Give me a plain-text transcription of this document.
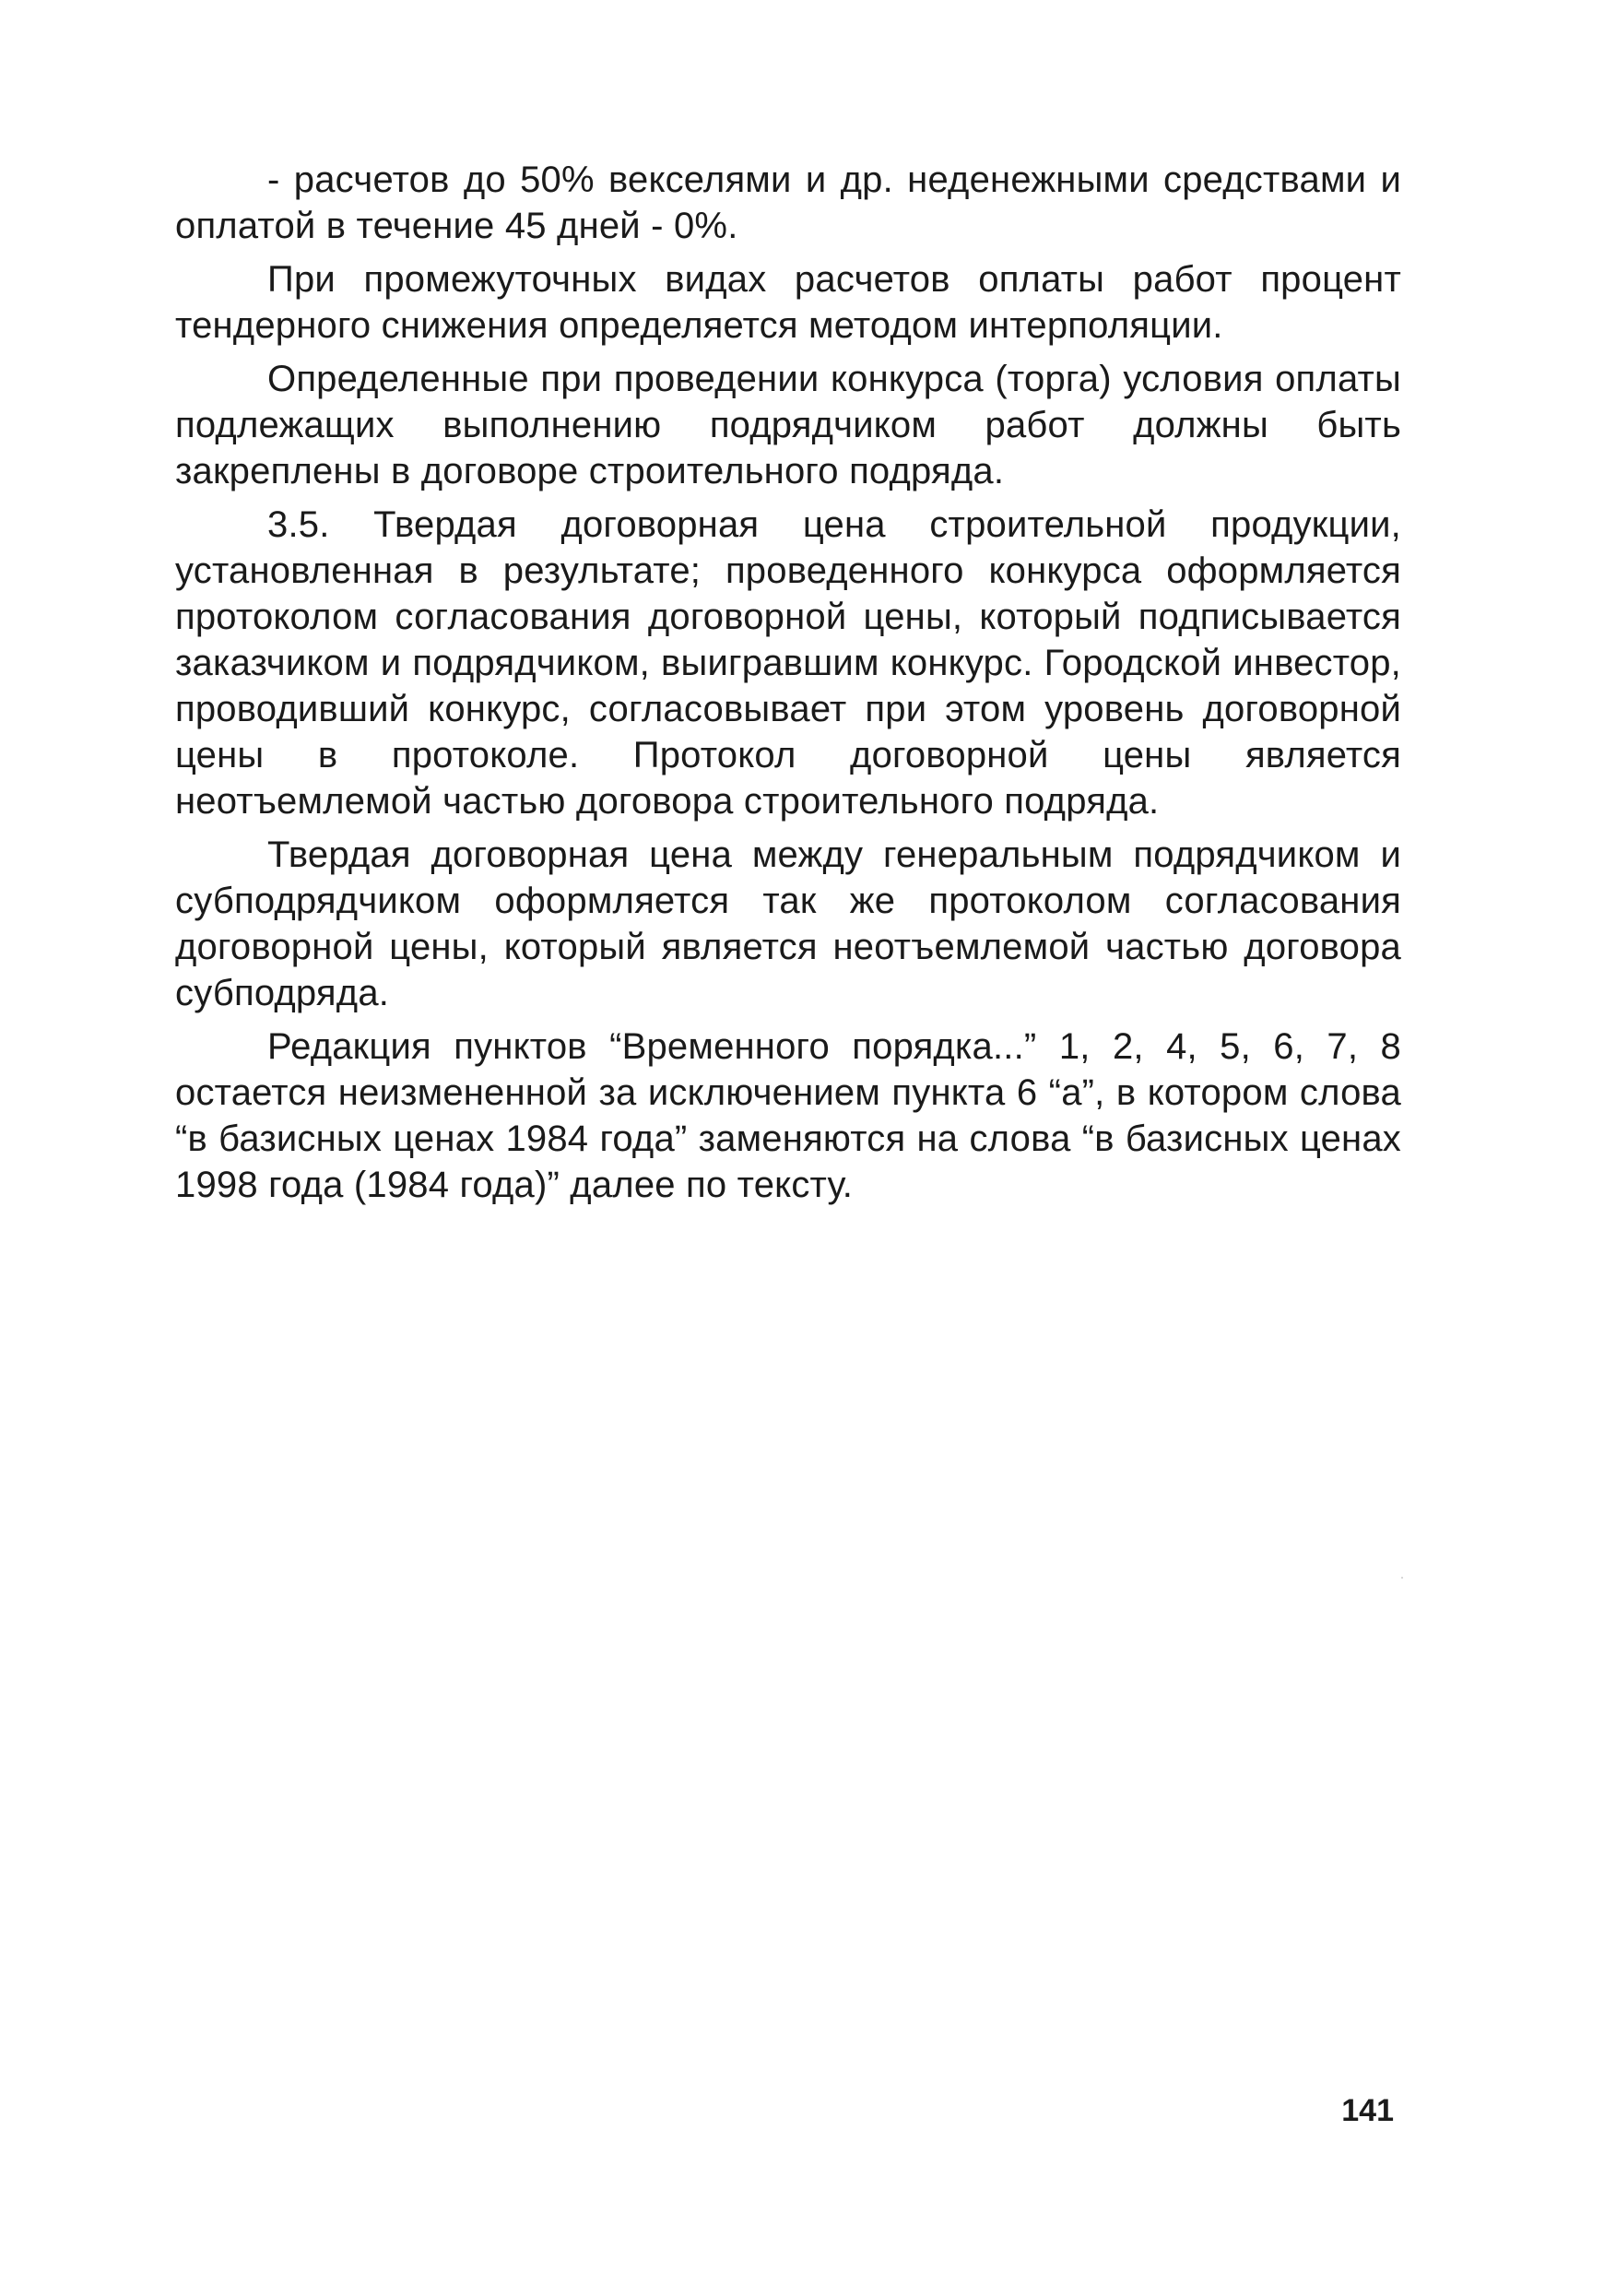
- расчетов до 50% векселями и др. неденежными средствами и оплатой в течение 45 дней - 0%.

При промежуточных видах расчетов оплаты работ процент тендерного снижения определяется методом интерполяции.

Определенные при проведении конкурса (торга) условия оплаты подлежащих выполнению подрядчиком работ должны быть закреплены в договоре строительного подряда.

3.5. Твердая договорная цена строительной продукции, установленная в результате; проведенного конкурса оформляется протоколом согласования договорной цены, который подписывается заказчиком и подрядчиком, выигравшим конкурс. Городской инвестор, проводивший конкурс, согласовывает при этом уровень договорной цены в протоколе. Протокол договорной цены является неотъемлемой частью договора строительного подряда.

Твердая договорная цена между генеральным подрядчиком и субподрядчиком оформляется так же протоколом согласования договорной цены, который является неотъемлемой частью договора субподряда.

Редакция пунктов “Временного порядка...” 1, 2, 4, 5, 6, 7, 8 остается неизмененной за исключением пункта 6 “а”, в котором слова “в базисных ценах 1984 года” заменяются на слова “в базисных ценах 1998 года (1984 года)” далее по тексту.

141
